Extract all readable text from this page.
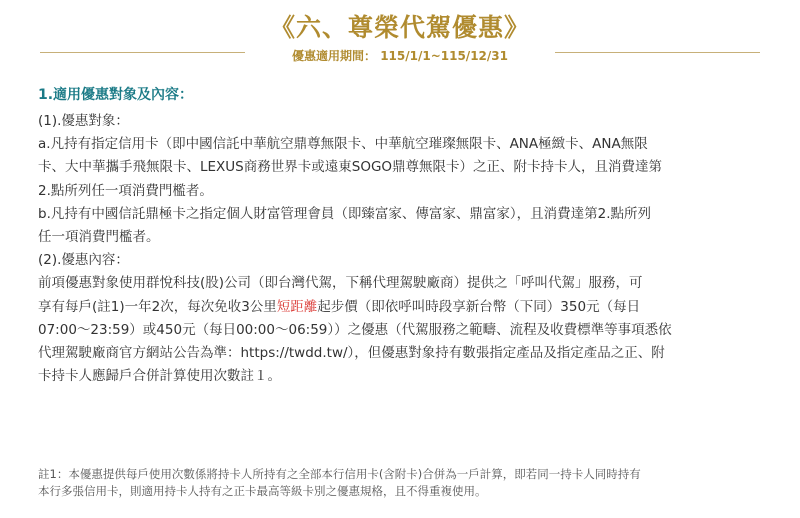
《六、尊榮代駕優惠》
優惠適用期間： 115/1/1~115/12/31
1.適用優惠對象及內容：
(1).優惠對象：
a.凡持有指定信用卡（即中國信託中華航空鼎尊無限卡、中華航空璀璨無限卡、ANA極緻卡、ANA無限
卡、大中華攜手飛無限卡、LEXUS商務世界卡或遠東SOGO鼎尊無限卡）之正、附卡持卡人，且消費達第
2.點所列任一項消費門檻者。
b.凡持有中國信託鼎極卡之指定個人財富管理會員（即臻富家、傳富家、鼎富家），且消費達第2.點所列
任一項消費門檻者。
(2).優惠內容：
前項優惠對象使用群悅科技(股)公司（即台灣代駕，下稱代理駕駛廠商）提供之「呼叫代駕」服務，可
享有每戶(註1)一年2次，每次免收3公里短距離起步價（即依呼叫時段享新台幣（下同）350元（每日
07:00～23:59）或450元（每日00:00～06:59））之優惠（代駕服務之範疇、流程及收費標準等事項悉依
代理駕駛廠商官方網站公告為準：https://twdd.tw/），但優惠對象持有數張指定產品及指定產品之正、附
卡持卡人應歸戶合併計算使用次數註１。
註1：本優惠提供每戶使用次數係將持卡人所持有之全部本行信用卡(含附卡)合併為一戶計算，即若同一持卡人同時持有
本行多張信用卡，則適用持卡人持有之正卡最高等級卡別之優惠規格，且不得重複使用。
